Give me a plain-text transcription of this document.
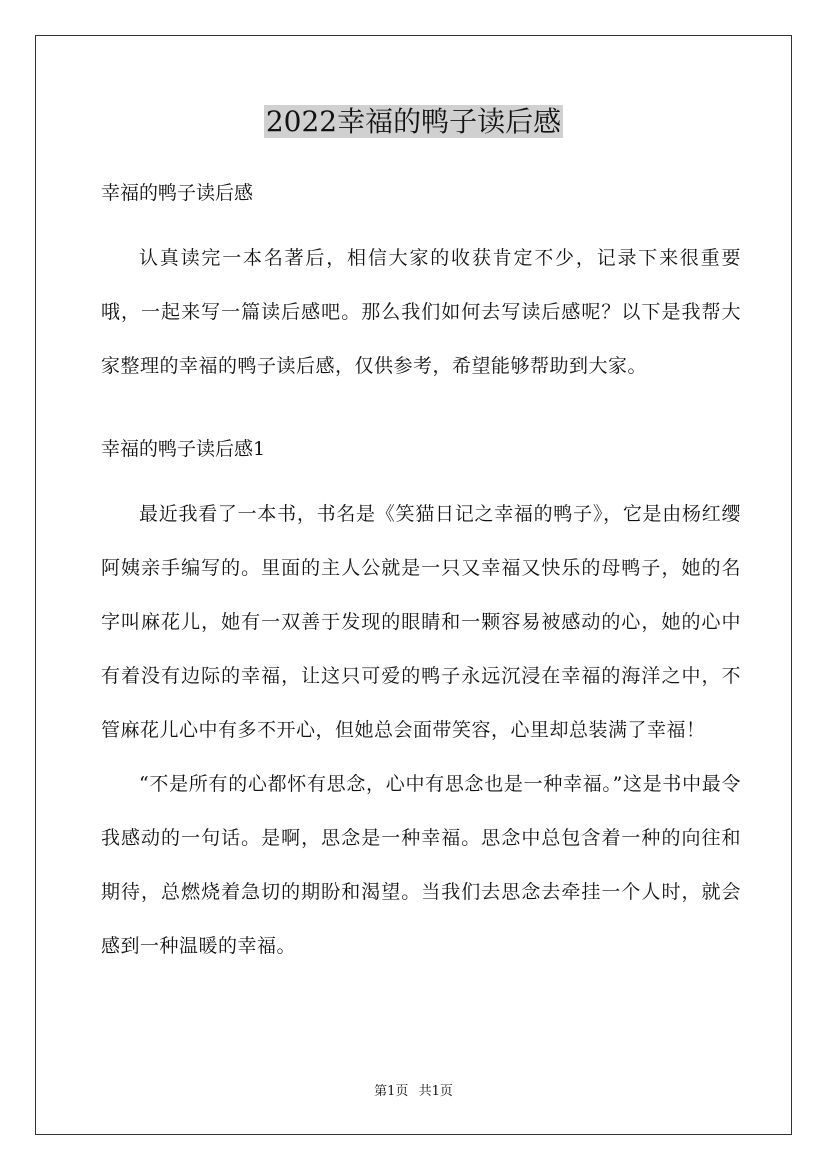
2022幸福的鸭子读后感

幸福的鸭子读后感

认真读完一本名著后，相信大家的收获肯定不少，记录下来很重要哦，一起来写一篇读后感吧。那么我们如何去写读后感呢？以下是我帮大家整理的幸福的鸭子读后感，仅供参考，希望能够帮助到大家。

幸福的鸭子读后感1

最近我看了一本书，书名是《笑猫日记之幸福的鸭子》，它是由杨红缨阿姨亲手编写的。里面的主人公就是一只又幸福又快乐的母鸭子，她的名字叫麻花儿，她有一双善于发现的眼睛和一颗容易被感动的心，她的心中有着没有边际的幸福，让这只可爱的鸭子永远沉浸在幸福的海洋之中，不管麻花儿心中有多不开心，但她总会面带笑容，心里却总装满了幸福！

“不是所有的心都怀有思念，心中有思念也是一种幸福。”这是书中最令我感动的一句话。是啊，思念是一种幸福。思念中总包含着一种的向往和期待，总燃烧着急切的期盼和渴望。当我们去思念去牵挂一个人时，就会感到一种温暖的幸福。

第1页 共1页
